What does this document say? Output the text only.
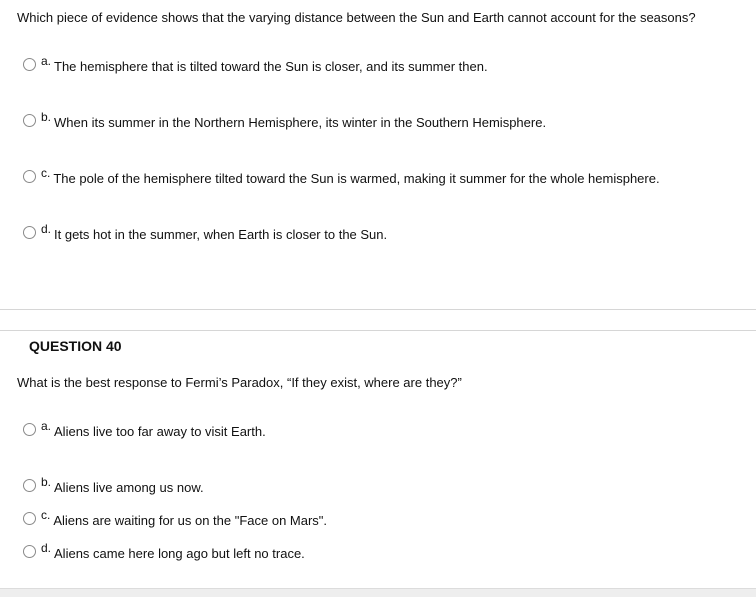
Which piece of evidence shows that the varying distance between the Sun and Earth cannot account for the seasons?
a. The hemisphere that is tilted toward the Sun is closer, and its summer then.
b. When its summer in the Northern Hemisphere, its winter in the Southern Hemisphere.
c. The pole of the hemisphere tilted toward the Sun is warmed, making it summer for the whole hemisphere.
d. It gets hot in the summer, when Earth is closer to the Sun.
QUESTION 40
What is the best response to Fermi’s Paradox, “If they exist, where are they?”
a. Aliens live too far away to visit Earth.
b. Aliens live among us now.
c. Aliens are waiting for us on the "Face on Mars".
d. Aliens came here long ago but left no trace.
